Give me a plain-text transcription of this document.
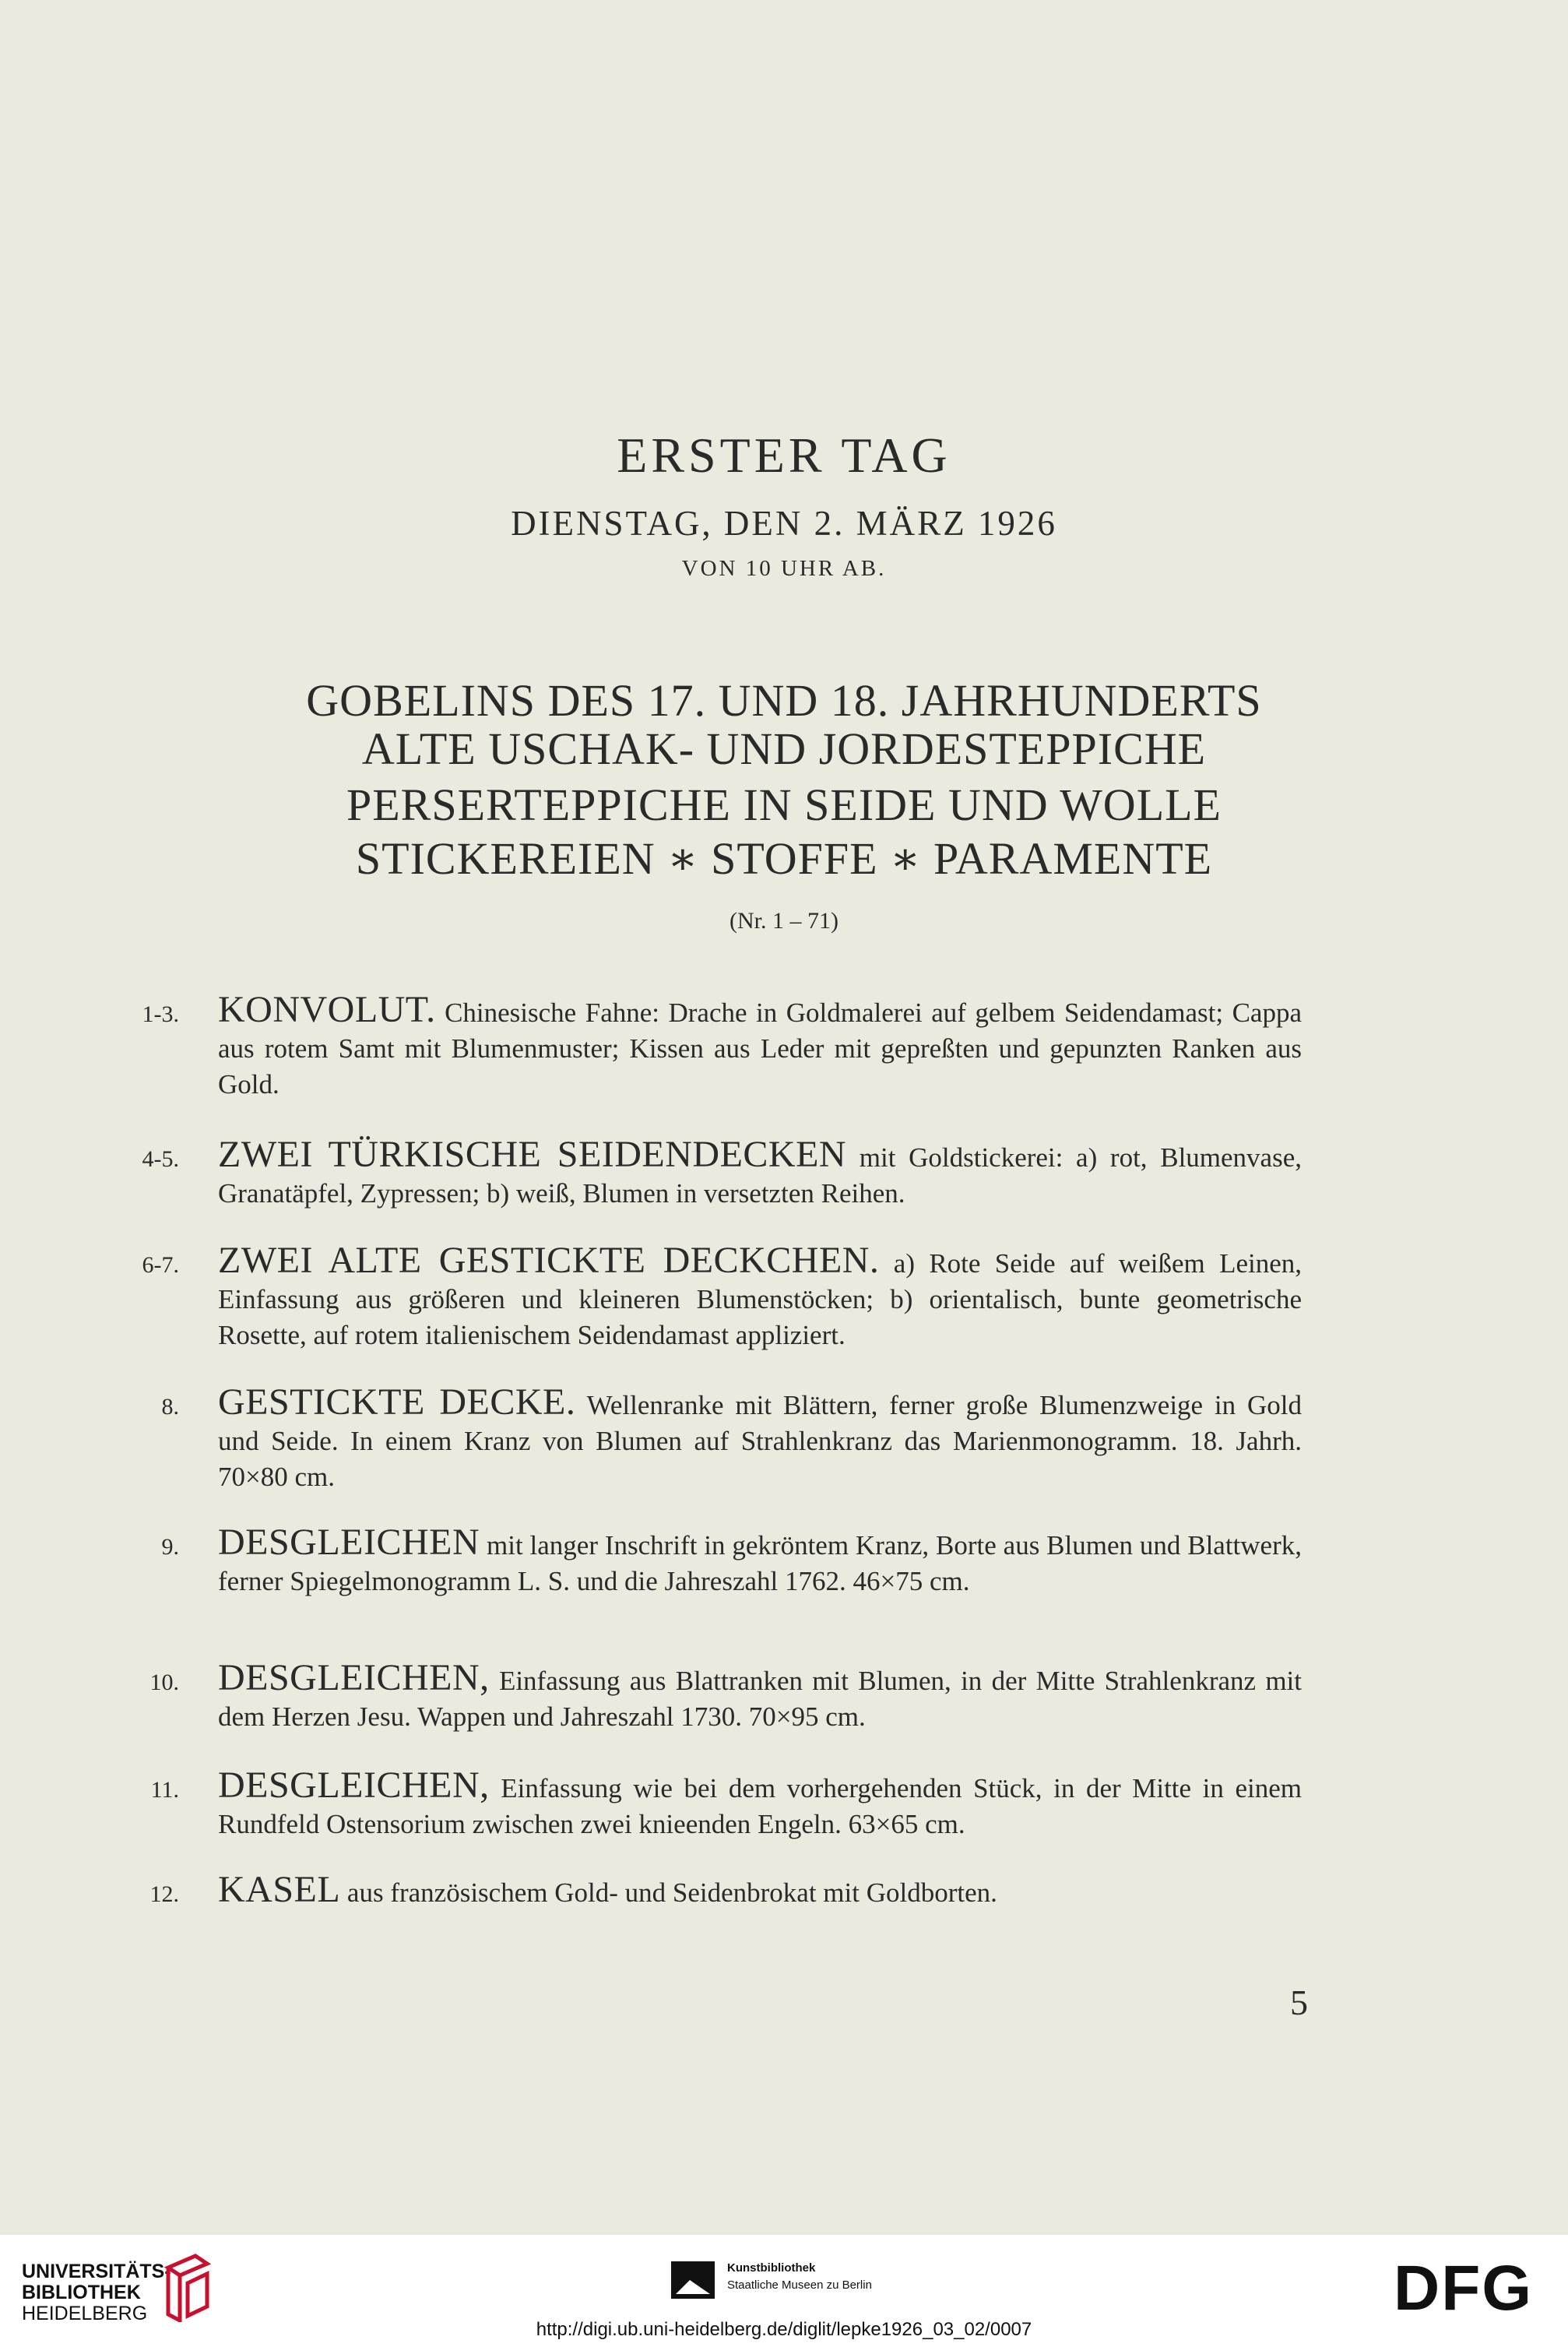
ERSTER TAG
DIENSTAG, DEN 2. MÄRZ 1926
VON 10 UHR AB.
GOBELINS DES 17. UND 18. JAHRHUNDERTS
ALTE USCHAK- UND JORDESTEPPICHE
PERSERTEPPICHE IN SEIDE UND WOLLE
STICKEREIEN ∗ STOFFE ∗ PARAMENTE
(Nr. 1 – 71)
1-3. KONVOLUT. Chinesische Fahne: Drache in Goldmalerei auf gelbem Seidendamast; Cappa aus rotem Samt mit Blumenmuster; Kissen aus Leder mit gepreßten und gepunzten Ranken aus Gold.
4-5. ZWEI TÜRKISCHE SEIDENDECKEN mit Goldstickerei: a) rot, Blumenvase, Granatäpfel, Zypressen; b) weiß, Blumen in versetzten Reihen.
6-7. ZWEI ALTE GESTICKTE DECKCHEN. a) Rote Seide auf weißem Leinen, Einfassung aus größeren und kleineren Blumenstöcken; b) orientalisch, bunte geometrische Rosette, auf rotem italienischem Seidendamast appliziert.
8. GESTICKTE DECKE. Wellenranke mit Blättern, ferner große Blumenzweige in Gold und Seide. In einem Kranz von Blumen auf Strahlenkranz das Marienmonogramm. 18. Jahrh. 70×80 cm.
9. DESGLEICHEN mit langer Inschrift in gekröntem Kranz, Borte aus Blumen und Blattwerk, ferner Spiegelmonogramm L. S. und die Jahreszahl 1762. 46×75 cm.
10. DESGLEICHEN, Einfassung aus Blattranken mit Blumen, in der Mitte Strahlenkranz mit dem Herzen Jesu. Wappen und Jahreszahl 1730. 70×95 cm.
11. DESGLEICHEN, Einfassung wie bei dem vorhergehenden Stück, in der Mitte in einem Rundfeld Ostensorium zwischen zwei knieenden Engeln. 63×65 cm.
12. KASEL aus französischem Gold- und Seidenbrokat mit Goldborten.
5
UNIVERSITÄTS-
BIBLIOTHEK
HEIDELBERG
Kunstbibliothek
Staatliche Museen zu Berlin	DFG
http://digi.ub.uni-heidelberg.de/diglit/lepke1926_03_02/0007
